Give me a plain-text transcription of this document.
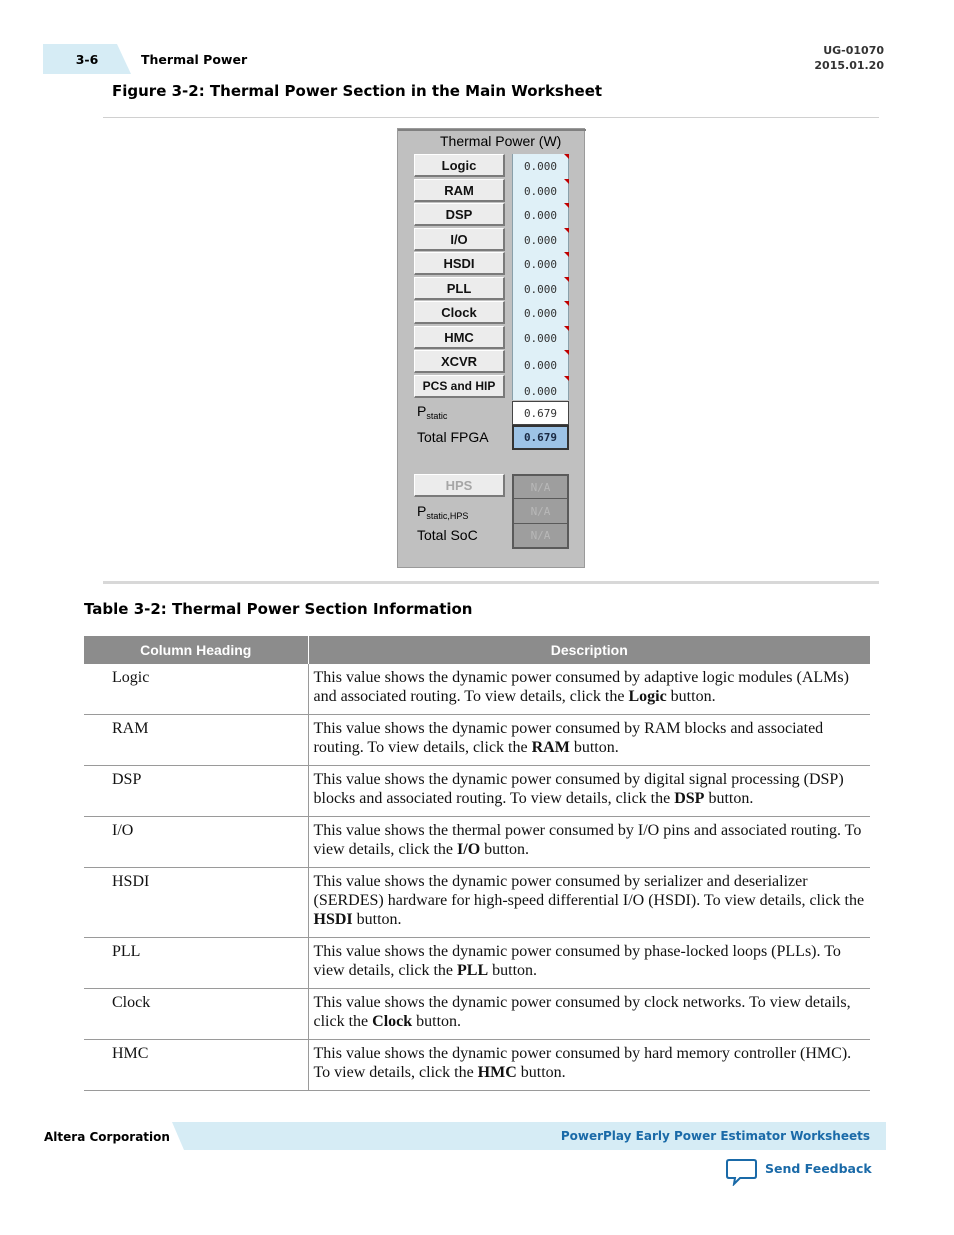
3-6	Thermal Power
UG-01070
2015.01.20
Figure 3-2: Thermal Power Section in the Main Worksheet
Thermal Power (W)
Logic	0.000
RAM	0.000
DSP	0.000
I/O	0.000
HSDI	0.000
PLL	0.000
Clock	0.000
HMC	0.000
XCVR	0.000
PCS and HIP	0.000
$P_{static}$	0.679
Total FPGA	0.679
HPS	N/A
$P_{static,HPS}$	N/A
Total SoC	N/A
Table 3-2: Thermal Power Section Information
Column Heading	Description
Logic	This value shows the dynamic power consumed by adaptive logic modules (ALMs) and associated routing. To view details, click the Logic button.
RAM	This value shows the dynamic power consumed by RAM blocks and associated routing. To view details, click the RAM button.
DSP	This value shows the dynamic power consumed by digital signal processing (DSP) blocks and associated routing. To view details, click the DSP button.
I/O	This value shows the thermal power consumed by I/O pins and associated routing. To view details, click the I/O button.
HSDI	This value shows the dynamic power consumed by serializer and deserializer (SERDES) hardware for high-speed differential I/O (HSDI). To view details, click the HSDI button.
PLL	This value shows the dynamic power consumed by phase-locked loops (PLLs). To view details, click the PLL button.
Clock	This value shows the dynamic power consumed by clock networks. To view details, click the Clock button.
HMC	This value shows the dynamic power consumed by hard memory controller (HMC). To view details, click the HMC button.
Altera Corporation	PowerPlay Early Power Estimator Worksheets
Send Feedback
